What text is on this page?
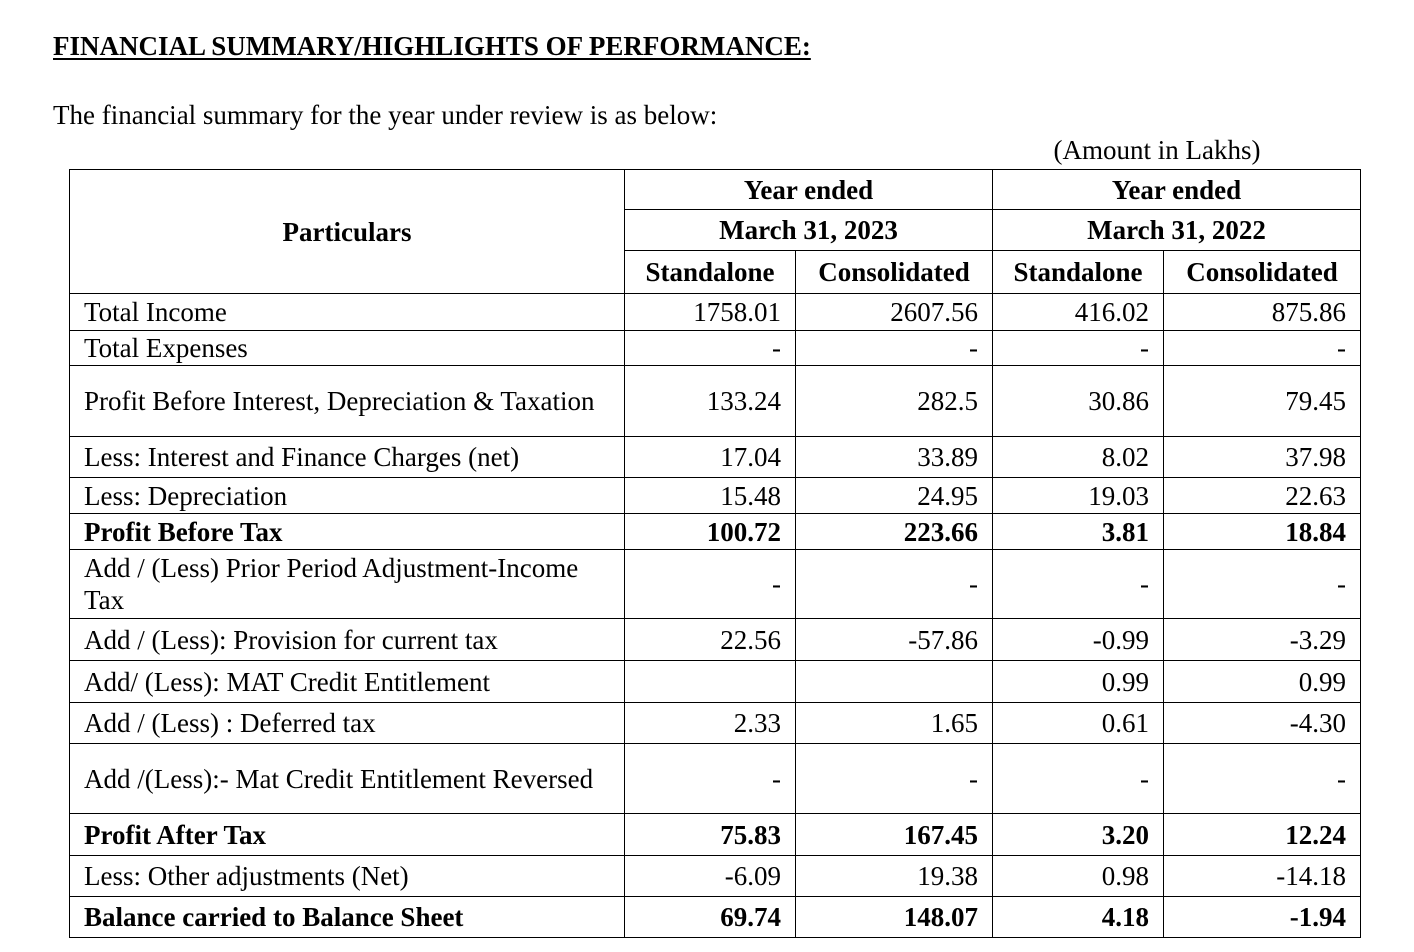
FINANCIAL SUMMARY/HIGHLIGHTS OF PERFORMANCE:
The financial summary for the year under review is as below:
(Amount in Lakhs)
Particulars	Year ended		Year ended	
	March 31, 2023		March 31, 2022	
	Standalone	Consolidated	Standalone	Consolidated
Total Income	1758.01	2607.56	416.02	875.86
Total Expenses	-	-	-	-
Profit Before Interest, Depreciation & Taxation	133.24	282.5	30.86	79.45
Less: Interest and Finance Charges (net)	17.04	33.89	8.02	37.98
Less: Depreciation	15.48	24.95	19.03	22.63
Profit Before Tax	100.72	223.66	3.81	18.84
Add / (Less) Prior Period Adjustment-Income Tax	-	-	-	-
Add / (Less): Provision for current tax	22.56	-57.86	-0.99	-3.29
Add/ (Less): MAT Credit Entitlement			0.99	0.99
Add / (Less) : Deferred tax	2.33	1.65	0.61	-4.30
Add /(Less):- Mat Credit Entitlement Reversed	-	-	-	-
Profit After Tax	75.83	167.45	3.20	12.24
Less: Other adjustments (Net)	-6.09	19.38	0.98	-14.18
Balance carried to Balance Sheet	69.74	148.07	4.18	-1.94
